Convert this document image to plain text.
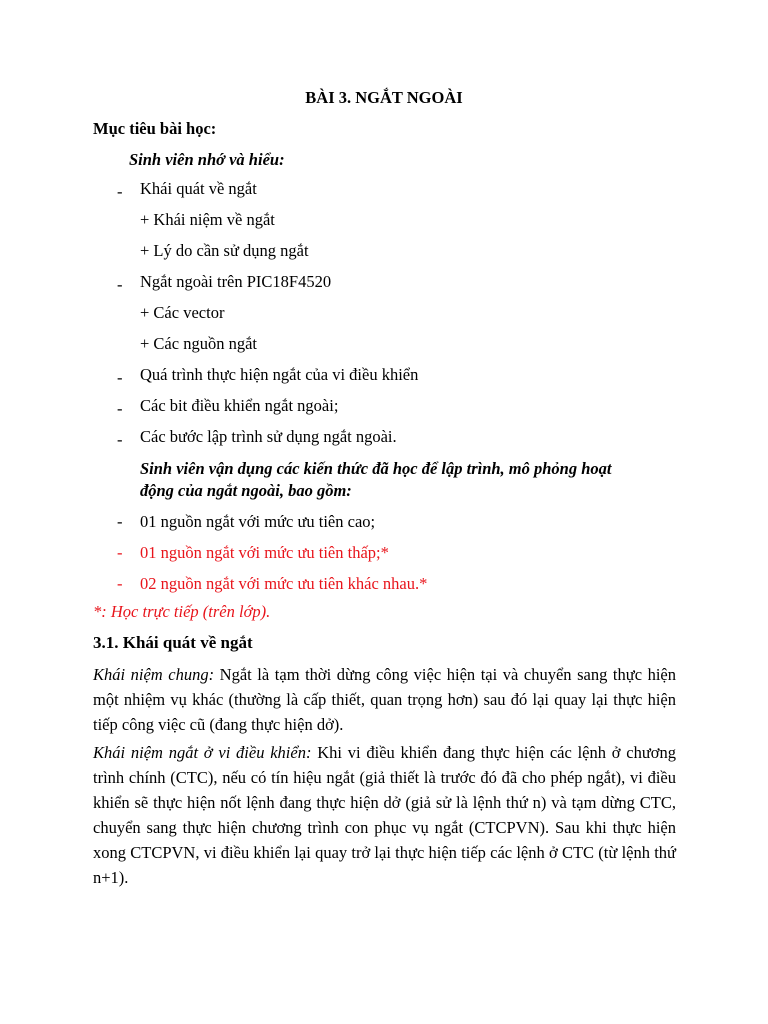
BÀI 3. NGẮT NGOÀI
Mục tiêu bài học:
Sinh viên nhớ và hiểu:
- Khái quát về ngắt
+ Khái niệm về ngắt
+ Lý do cần sử dụng ngắt
- Ngắt ngoài trên PIC18F4520
+ Các vector
+ Các nguồn ngắt
- Quá trình thực hiện ngắt của vi điều khiển
- Các bit điều khiển ngắt ngoài;
- Các bước lập trình sử dụng ngắt ngoài.
Sinh viên vận dụng các kiến thức đã học để lập trình, mô phỏng hoạt
động của ngắt ngoài, bao gồm:
- 01 nguồn ngắt với mức ưu tiên cao;
- 01 nguồn ngắt với mức ưu tiên thấp;*
- 02 nguồn ngắt với mức ưu tiên khác nhau.*
*: Học trực tiếp (trên lớp).
3.1. Khái quát về ngắt
Khái niệm chung: Ngắt là tạm thời dừng công việc hiện tại và chuyển sang thực hiện một nhiệm vụ khác (thường là cấp thiết, quan trọng hơn) sau đó lại quay lại thực hiện tiếp công việc cũ (đang thực hiện dở).
Khái niệm ngắt ở vi điều khiển: Khi vi điều khiển đang thực hiện các lệnh ở chương trình chính (CTC), nếu có tín hiệu ngắt (giả thiết là trước đó đã cho phép ngắt), vi điều khiển sẽ thực hiện nốt lệnh đang thực hiện dở (giả sử là lệnh thứ n) và tạm dừng CTC, chuyển sang thực hiện chương trình con phục vụ ngắt (CTCPVN). Sau khi thực hiện xong CTCPVN, vi điều khiển lại quay trở lại thực hiện tiếp các lệnh ở CTC (từ lệnh thứ n+1).
